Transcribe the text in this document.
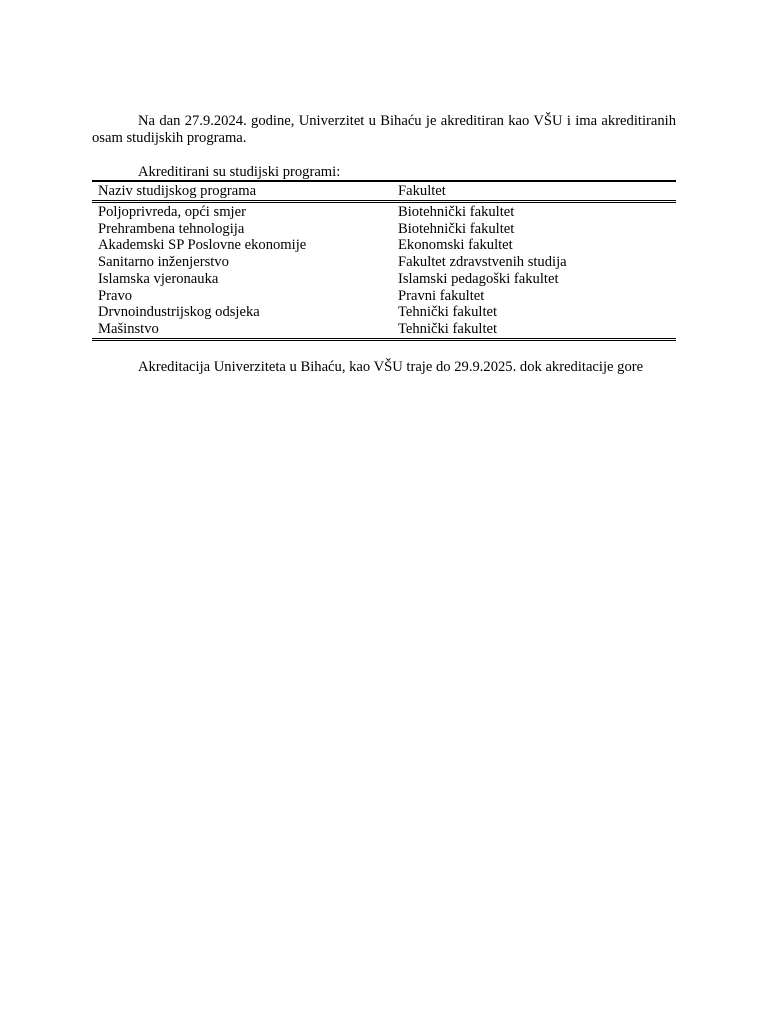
Na dan 27.9.2024. godine, Univerzitet u Bihaću je akreditiran kao VŠU i ima akreditiranih osam studijskih programa.

Akreditirani su studijski programi:

Naziv studijskog programa	Fakultet
Poljoprivreda, opći smjer	Biotehnički fakultet
Prehrambena tehnologija	Biotehnički fakultet
Akademski SP Poslovne ekonomije	Ekonomski fakultet
Sanitarno inženjerstvo	Fakultet zdravstvenih studija
Islamska vjeronauka	Islamski pedagoški fakultet
Pravo	Pravni fakultet
Drvnoindustrijskog odsjeka	Tehnički fakultet
Mašinstvo	Tehnički fakultet

Akreditacija Univerziteta u Bihaću, kao VŠU traje do 29.9.2025. dok akreditacije gore
